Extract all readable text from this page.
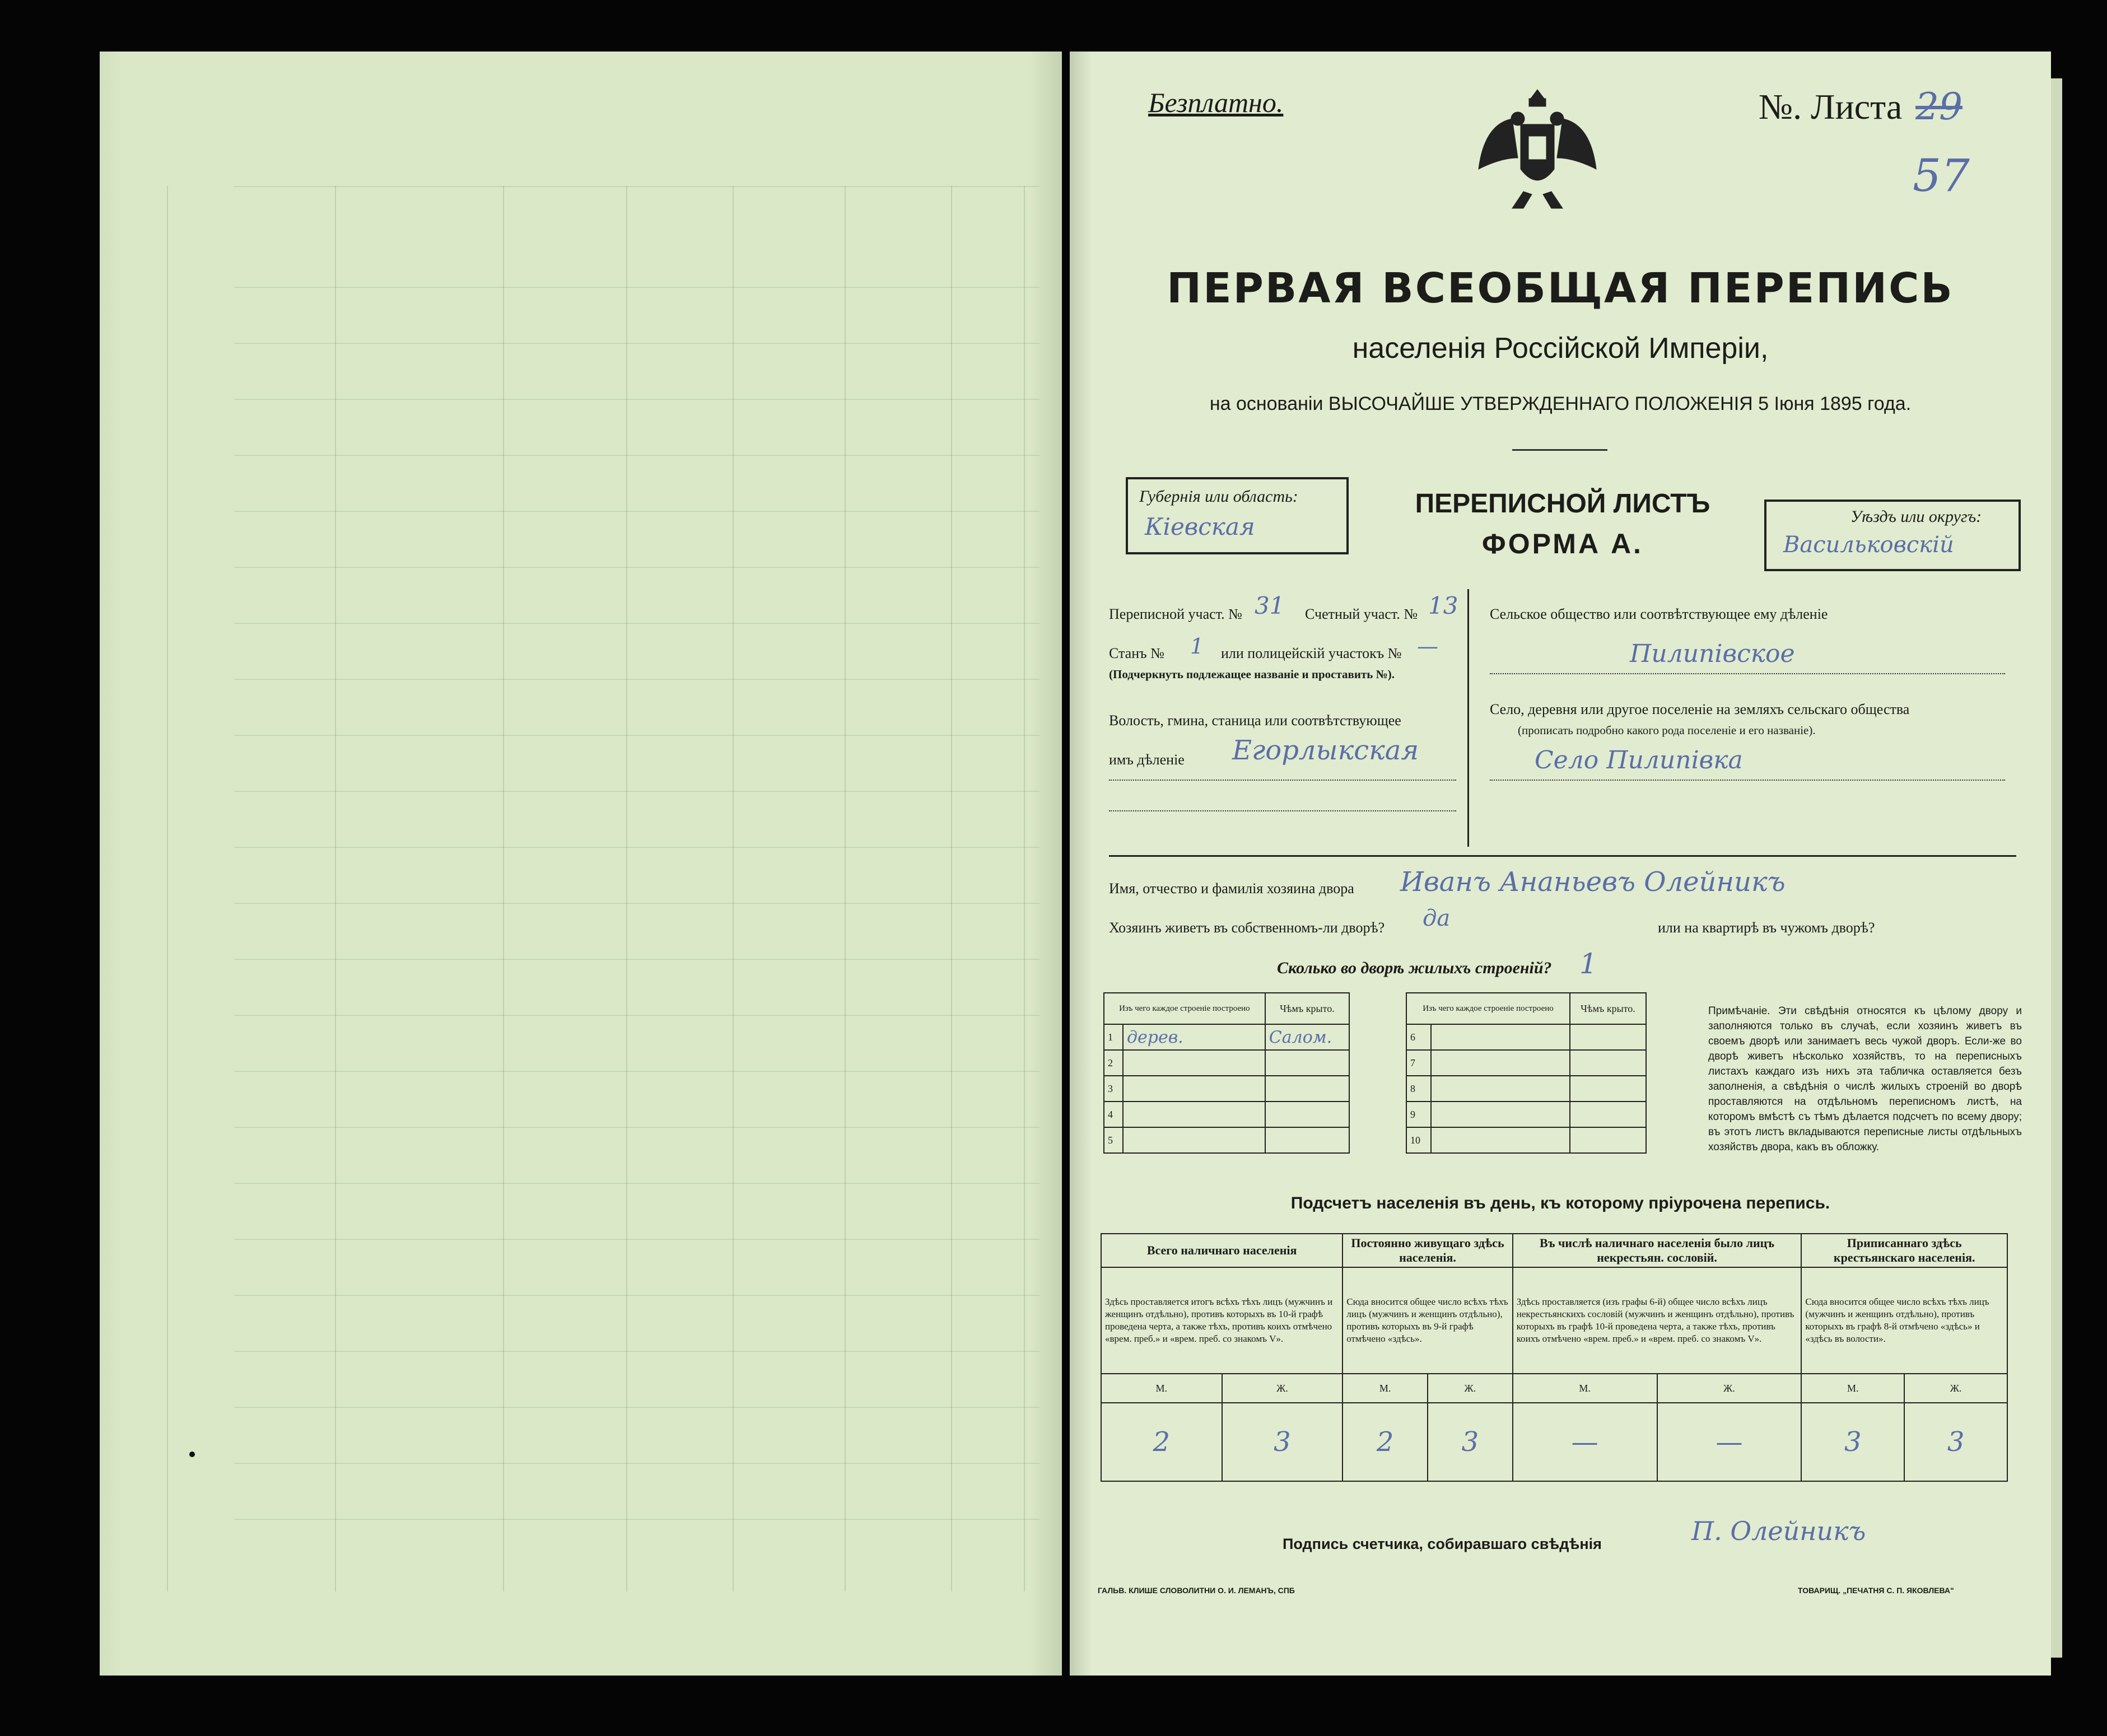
Безплатно.	№. Листа 29
57
ПЕРВАЯ ВСЕОБЩАЯ ПЕРЕПИСЬ
населенія Россійской Имперіи,
на основаніи ВЫСОЧАЙШЕ УТВЕРЖДЕННАГО ПОЛОЖЕНІЯ 5 Іюня 1895 года.
Губернія или область:
Кіевская
ПЕРЕПИСНОЙ ЛИСТЪ
ФОРМА А.
Уѣздъ или округъ:
Васильковскій
Переписной участ. № 31 Счетный участ. № 13
Станъ № 1 или полицейскій участокъ № —
(Подчеркнуть подлежащее названіе и проставить №).
Волость, гмина, станица или соотвѣтствующее
имъ дѣленіе Егорлыкская
Сельское общество или соотвѣтствующее ему дѣленіе
Пилипівское
Село, деревня или другое поселеніе на земляхъ сельскаго общества
(прописать подробно какого рода поселеніе и его названіе).
Село Пилипівка
Имя, отчество и фамилія хозяина двора Иванъ Ананьевъ Олейникъ
Хозяинъ живетъ въ собственномъ-ли дворѣ? да	или на квартирѣ въ чужомъ дворѣ?
Сколько во дворѣ жилыхъ строеній? 1
Изъ чего каждое строеніе построено		Чѣмъ крыто.
1	дерев.	Салом.
2		
3		
4		
5		
Изъ чего каждое строеніе построено		Чѣмъ крыто.
6		
7		
8		
9		
10		
Примѣчаніе. Эти свѣдѣнія относятся къ цѣлому двору и заполняются только въ случаѣ, если хозяинъ живетъ въ своемъ дворѣ или занимаетъ весь чужой дворъ. Если-же во дворѣ живетъ нѣсколько хозяйствъ, то на переписныхъ листахъ каждаго изъ нихъ эта табличка оставляется безъ заполненія, а свѣдѣнія о числѣ жилыхъ строеній во дворѣ проставляются на отдѣльномъ переписномъ листѣ, на которомъ вмѣстѣ съ тѣмъ дѣлается подсчетъ по всему двору; въ этотъ листъ вкладываются переписные листы отдѣльныхъ хозяйствъ двора, какъ въ обложку.
Подсчетъ населенія въ день, къ которому пріурочена перепись.
Всего наличнаго населенія		Постоянно живущаго здѣсь населенія.		Въ числѣ наличнаго населенія было лицъ некрестьян. сословій.		Приписаннаго здѣсь крестьянскаго населенія.	
Здѣсь проставляется итогъ всѣхъ тѣхъ лицъ (мужчинъ и женщинъ отдѣльно), противъ которыхъ въ 10-й графѣ проведена черта, а также тѣхъ, противъ коихъ отмѣчено «врем. преб.» и «врем. преб. со знакомъ V».		Сюда вносится общее число всѣхъ тѣхъ лицъ (мужчинъ и женщинъ отдѣльно), противъ которыхъ въ 9-й графѣ отмѣчено «здѣсь».		Здѣсь проставляется (изъ графы 6-й) общее число всѣхъ лицъ некрестьянскихъ сословій (мужчинъ и женщинъ отдѣльно), противъ которыхъ въ графѣ 10-й проведена черта, а также тѣхъ, противъ коихъ отмѣчено «врем. преб.» и «врем. преб. со знакомъ V».		Сюда вносится общее число всѣхъ тѣхъ лицъ (мужчинъ и женщинъ отдѣльно), противъ которыхъ въ графѣ 8-й отмѣчено «здѣсь» и «здѣсь въ волости».	
М.	Ж.	М.	Ж.	М.	Ж.	М.	Ж.
2	3	2	3	—	—	3	3
Подпись счетчика, собиравшаго свѣдѣнія	П. Олейникъ
ГАЛЬВ. КЛИШЕ СЛОВОЛИТНИ О. И. ЛЕМАНЪ, СПБ	ТОВАРИЩ. „ПЕЧАТНЯ С. П. ЯКОВЛЕВА"
